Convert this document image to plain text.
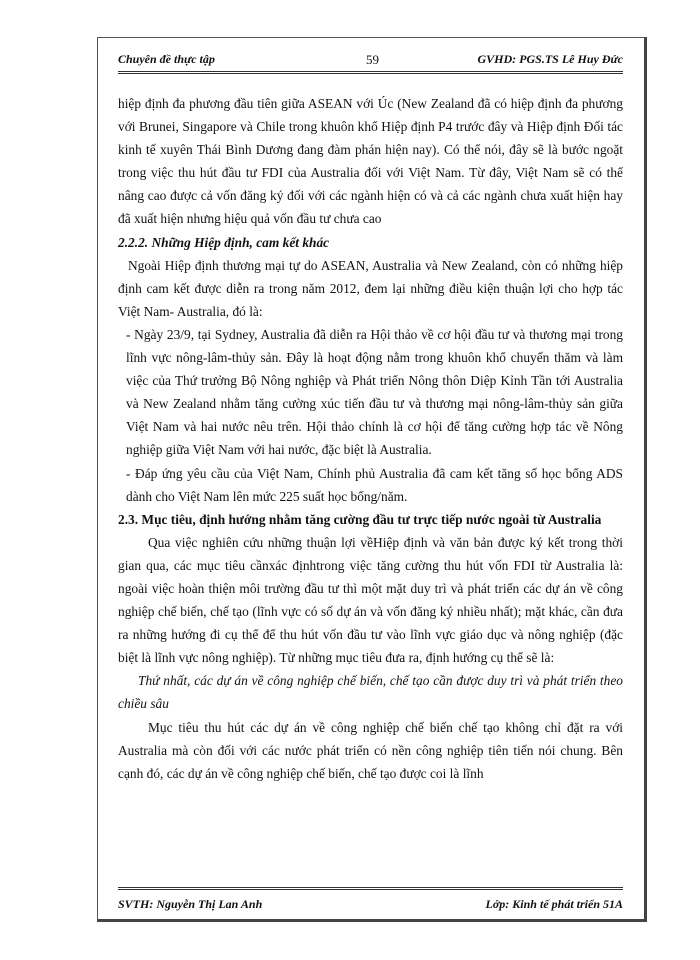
Chuyên đề thực tập	59	GVHD: PGS.TS Lê Huy Đức

hiệp định đa phương đầu tiên giữa ASEAN với Úc (New Zealand đã có hiệp định đa phương với Brunei, Singapore và Chile trong khuôn khổ Hiệp định P4 trước đây và Hiệp định Đối tác kinh tế xuyên Thái Bình Dương đang đàm phán hiện nay). Có thể nói, đây sẽ là bước ngoặt trong việc thu hút đầu tư FDI của Australia đối với Việt Nam. Từ đây, Việt Nam sẽ có thể nâng cao được cả vốn đăng ký đối với các ngành hiện có và cả các ngành chưa xuất hiện hay đã xuất hiện nhưng hiệu quả vốn đầu tư chưa cao

2.2.2. Những Hiệp định, cam kết khác

Ngoài Hiệp định thương mại tự do ASEAN, Australia và New Zealand, còn có những hiệp định cam kết được diễn ra trong năm 2012, đem lại những điều kiện thuận lợi cho hợp tác Việt Nam- Australia, đó là:

- Ngày 23/9, tại Sydney, Australia đã diễn ra Hội thảo về cơ hội đầu tư và thương mại trong lĩnh vực nông-lâm-thủy sản. Đây là hoạt động nằm trong khuôn khổ chuyến thăm và làm việc của Thứ trưởng Bộ Nông nghiệp và Phát triển Nông thôn Diệp Kỉnh Tần tới Australia và New Zealand nhằm tăng cường xúc tiến đầu tư và thương mại nông-lâm-thủy sản giữa Việt Nam và hai nước nêu trên. Hội thảo chính là cơ hội để tăng cường hợp tác về Nông nghiệp giữa Việt Nam với hai nước, đặc biệt là Australia.

- Đáp ứng yêu cầu của Việt Nam, Chính phủ Australia đã cam kết tăng số học bổng ADS dành cho Việt Nam lên mức 225 suất học bổng/năm.

2.3. Mục tiêu, định hướng nhằm tăng cường đầu tư trực tiếp nước ngoài từ Australia

Qua việc nghiên cứu những thuận lợi vềHiệp định và văn bản được ký kết trong thời gian qua, các mục tiêu cầnxác địnhtrong việc tăng cường thu hút vốn FDI từ Australia là: ngoài việc hoàn thiện môi trường đầu tư thì một mặt duy trì và phát triển các dự án về công nghiệp chế biến, chế tạo (lĩnh vực có số dự án và vốn đăng ký nhiều nhất); mặt khác, cần đưa ra những hướng đi cụ thể để thu hút vốn đầu tư vào lĩnh vực giáo dục và nông nghiệp (đặc biệt là lĩnh vực nông nghiệp). Từ những mục tiêu đưa ra, định hướng cụ thể sẽ là:

Thứ nhất, các dự án về công nghiệp chế biến, chế tạo cần được duy trì và phát triển theo chiều sâu

Mục tiêu thu hút các dự án về công nghiệp chế biến chế tạo không chỉ đặt ra với Australia mà còn đối với các nước phát triển có nền công nghiệp tiên tiến nói chung. Bên cạnh đó, các dự án về công nghiệp chế biến, chế tạo được coi là lĩnh

SVTH: Nguyễn Thị Lan Anh	Lớp: Kinh tế phát triển 51A
